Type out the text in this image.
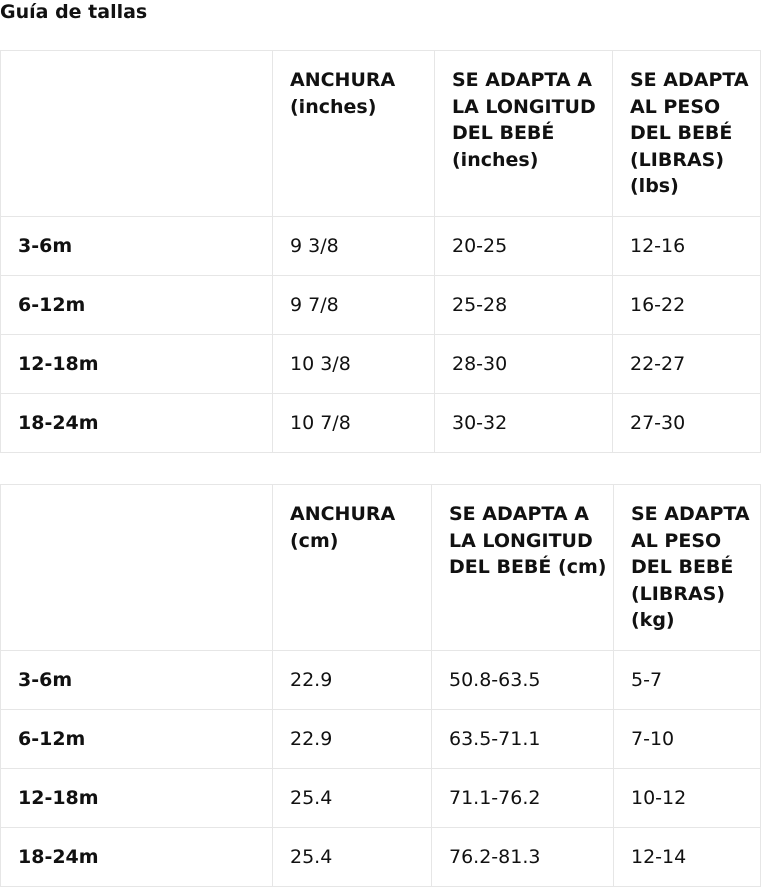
Guía de tallas
	ANCHURA (inches)	SE ADAPTA A LA LONGITUD DEL BEBÉ (inches)	SE ADAPTA AL PESO DEL BEBÉ (LIBRAS) (lbs)
3-6m	9 3/8	20-25	12-16
6-12m	9 7/8	25-28	16-22
12-18m	10 3/8	28-30	22-27
18-24m	10 7/8	30-32	27-30
	ANCHURA (cm)	SE ADAPTA A LA LONGITUD DEL BEBÉ (cm)	SE ADAPTA AL PESO DEL BEBÉ (LIBRAS) (kg)
3-6m	22.9	50.8-63.5	5-7
6-12m	22.9	63.5-71.1	7-10
12-18m	25.4	71.1-76.2	10-12
18-24m	25.4	76.2-81.3	12-14
